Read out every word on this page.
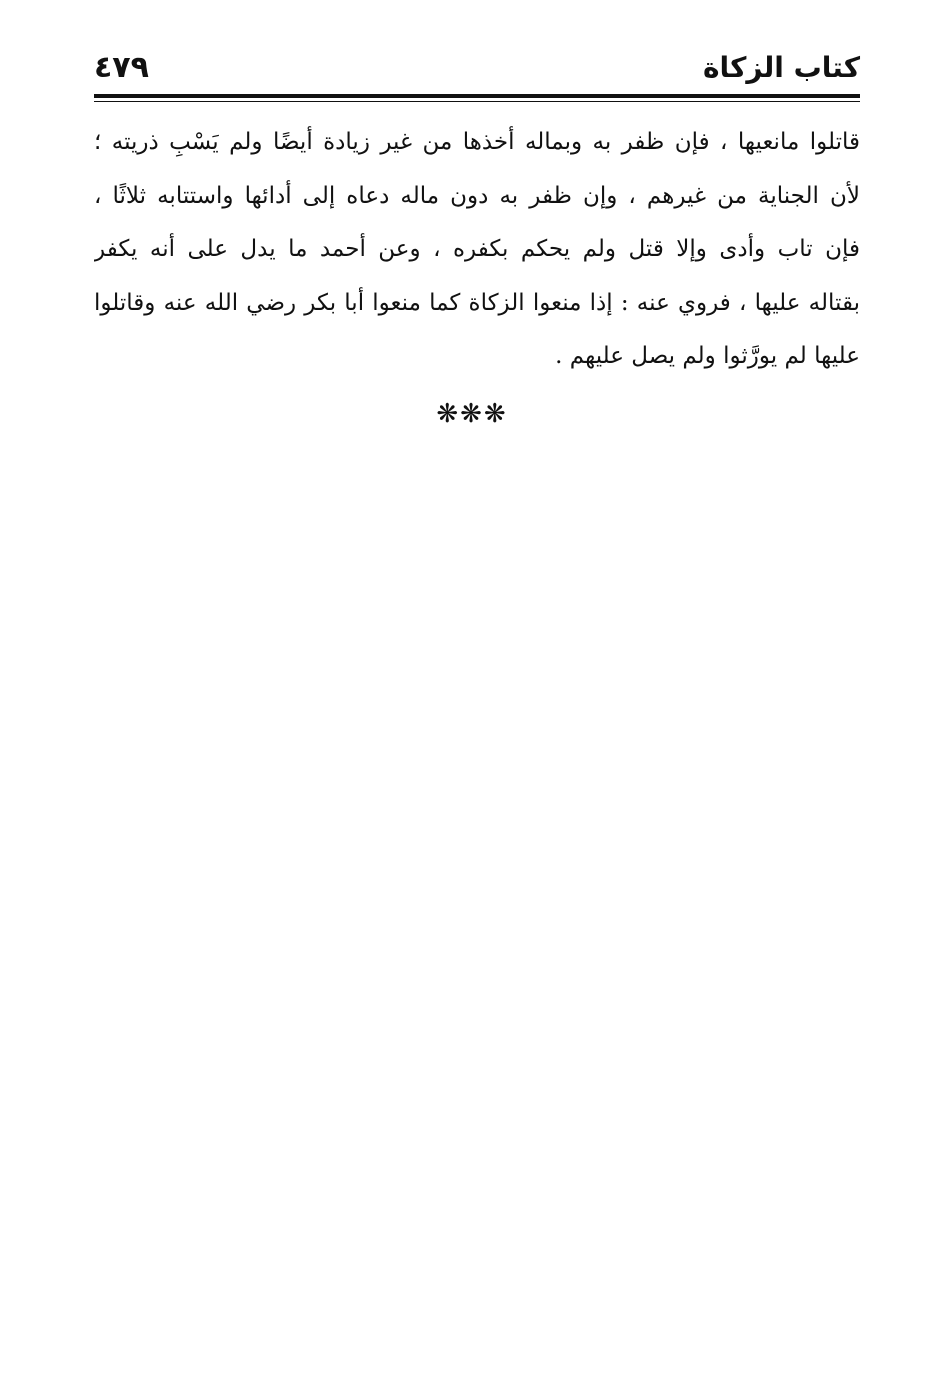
٤٧٩	كتاب الزكاة
قاتلوا مانعيها ، فإن ظفر به وبماله أخذها من غير زيادة أيضًا ولم يَسْبِ ذريته ؛
لأن الجناية من غيرهم ، وإن ظفر به دون ماله دعاه إلى أدائها واستتابه ثلاثًا ،
فإن تاب وأدى وإلا قتل ولم يحكم بكفره ، وعن أحمد ما يدل على أنه يكفر
بقتاله عليها ، فروي عنه : إذا منعوا الزكاة كما منعوا أبا بكر رضي الله عنه وقاتلوا
عليها لم يورَّثوا ولم يصل عليهم .
❋❋❋
